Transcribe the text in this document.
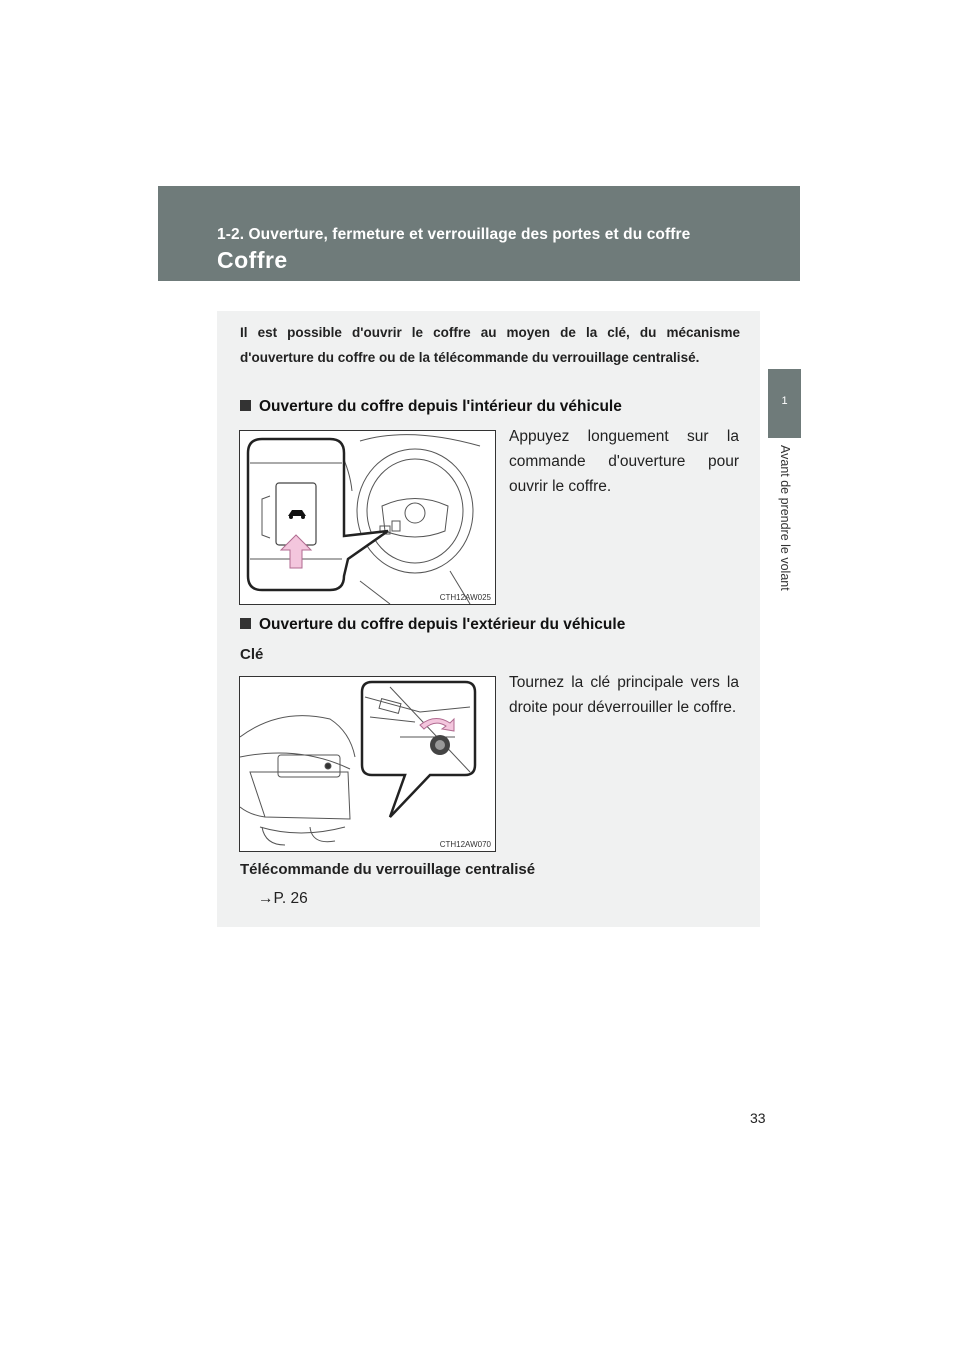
1-2. Ouverture, fermeture et verrouillage des portes et du coffre
Coffre
1
Avant de prendre le volant
Il est possible d'ouvrir le coffre au moyen de la clé, du mécanisme d'ouverture du coffre ou de la télécommande du verrouillage centralisé.
Ouverture du coffre depuis l'intérieur du véhicule
CTH12AW025
Appuyez longuement sur la commande d'ouverture pour ouvrir le coffre.
Ouverture du coffre depuis l'extérieur du véhicule
Clé
CTH12AW070
Tournez la clé principale vers la droite pour déverrouiller le coffre.
Télécommande du verrouillage centralisé
→P. 26
33
